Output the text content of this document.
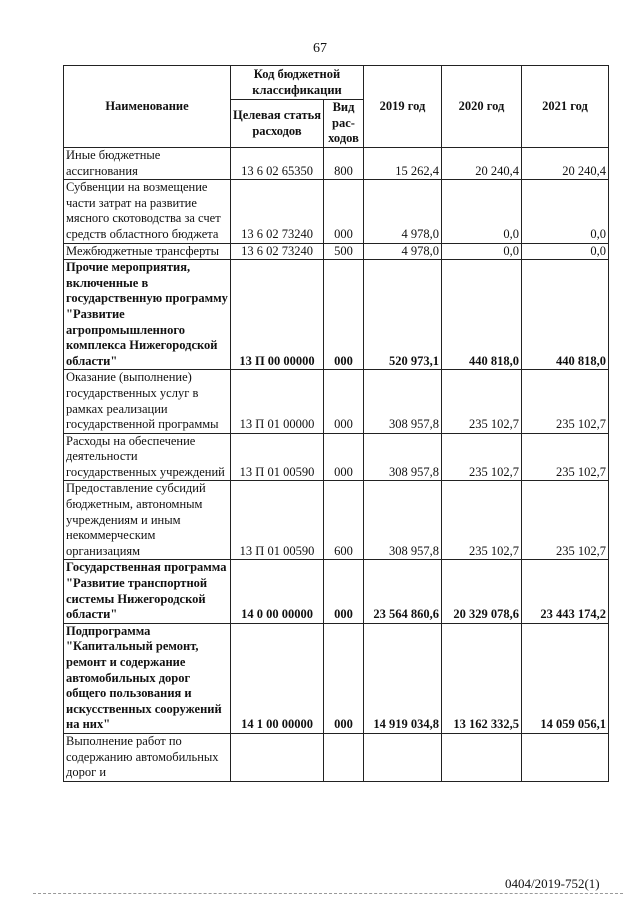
67
Наименование	Код бюджетной классификации		2019 год	2020 год	2021 год
	Целевая статья расходов	Вид рас-ходов			
Иные бюджетные ассигнования	13 6 02 65350	800	15 262,4	20 240,4	20 240,4
Субвенции на возмещение части затрат на развитие мясного скотоводства за счет средств областного бюджета	13 6 02 73240	000	4 978,0	0,0	0,0
Межбюджетные трансферты	13 6 02 73240	500	4 978,0	0,0	0,0
Прочие мероприятия, включенные в государственную программу "Развитие агропромышленного комплекса Нижегородской области"	13 П 00 00000	000	520 973,1	440 818,0	440 818,0
Оказание (выполнение) государственных услуг в рамках реализации государственной программы	13 П 01 00000	000	308 957,8	235 102,7	235 102,7
Расходы на обеспечение деятельности государственных учреждений	13 П 01 00590	000	308 957,8	235 102,7	235 102,7
Предоставление субсидий бюджетным, автономным учреждениям и иным некоммерческим организациям	13 П 01 00590	600	308 957,8	235 102,7	235 102,7
Государственная программа "Развитие транспортной системы Нижегородской области"	14 0 00 00000	000	23 564 860,6	20 329 078,6	23 443 174,2
Подпрограмма "Капитальный ремонт, ремонт и содержание автомобильных дорог общего пользования и искусственных сооружений на них"	14 1 00 00000	000	14 919 034,8	13 162 332,5	14 059 056,1
Выполнение работ по содержанию автомобильных дорог и					
0404/2019-752(1)
